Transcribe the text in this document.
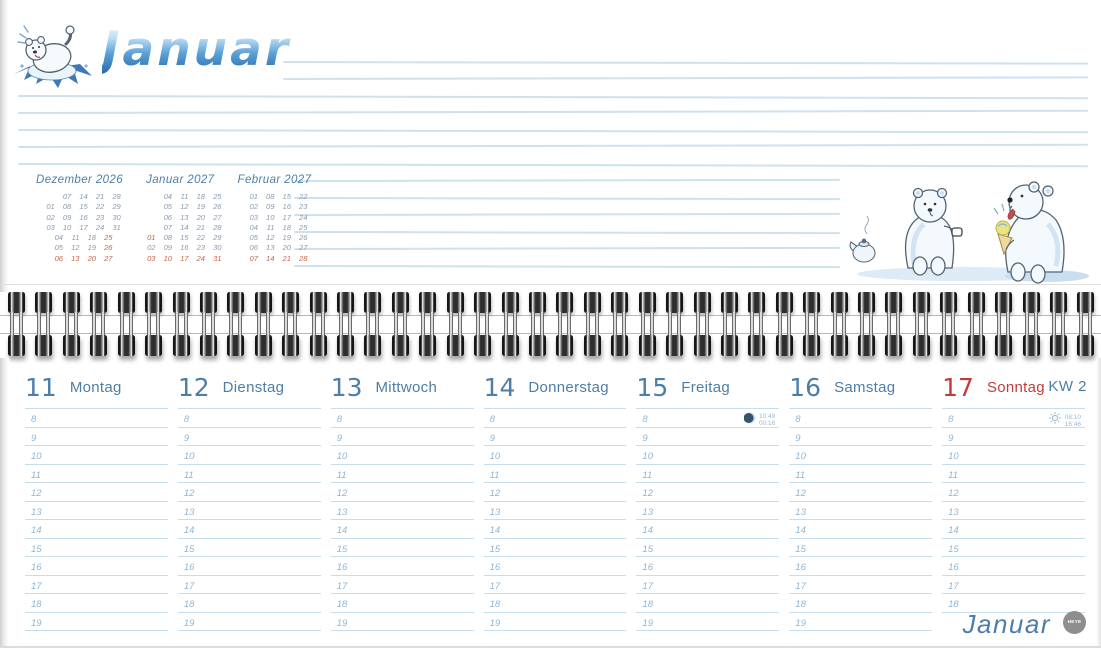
Januar
Dezember 2026
07	14	21	28
01	08	15	22	29
02	09	16	23	30
03	10	17	24	31
04	11	18	25
05	12	19	26
06	13	20	27
Januar 2027
04	11	18	25
05	12	19	26
06	13	20	27
07	14	21	28
01	08	15	22	29
02	09	16	23	30
03	10	17	24	31
Februar 2027
01	08	15	22
02	09	16	23
03	10	17	24
04	11	18	25
05	12	19	26
06	13	20	27
07	14	21	28
11 Montag
8
9
10
11
12
13
14
15
16
17
18
19
12 Dienstag
8
9
10
11
12
13
14
15
16
17
18
19
13 Mittwoch
8
9
10
11
12
13
14
15
16
17
18
19
14 Donnerstag
8
9
10
11
12
13
14
15
16
17
18
19
15 Freitag
8	10:49
00:16
9
10
11
12
13
14
15
16
17
18
19
16 Samstag
8
9
10
11
12
13
14
15
16
17
18
19
17 Sonntag
8	08:10
16:46
9
10
11
12
13
14
15
16
17
18
KW 2
Januar	HEYE
